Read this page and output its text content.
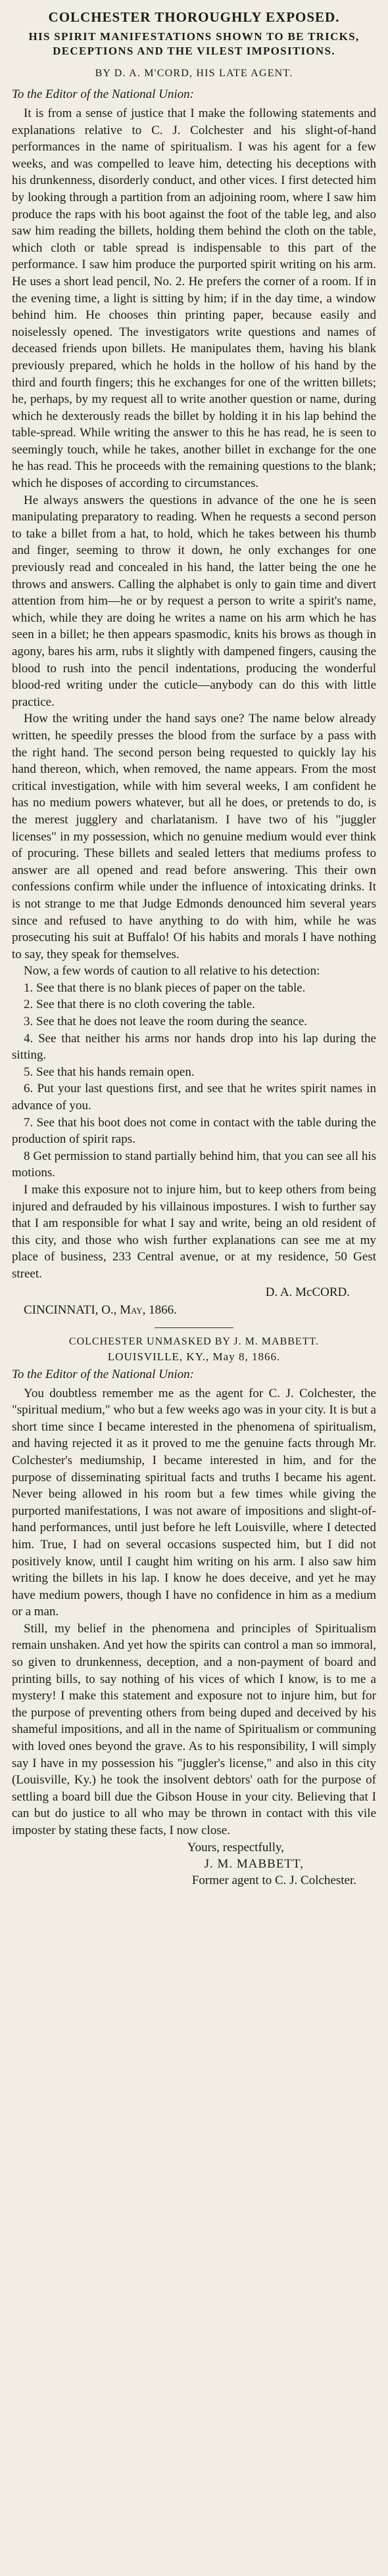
COLCHESTER THOROUGHLY EXPOSED.
HIS SPIRIT MANIFESTATIONS SHOWN TO BE TRICKS, DECEPTIONS AND THE VILEST IMPOSITIONS.
BY D. A. M'CORD, HIS LATE AGENT.
To the Editor of the National Union:

It is from a sense of justice that I make the following statements and explanations relative to C. J. Colchester and his slight-of-hand performances in the name of spiritualism. I was his agent for a few weeks, and was compelled to leave him, detecting his deceptions with his drunkenness, disorderly conduct, and other vices. I first detected him by looking through a partition from an adjoining room, where I saw him produce the raps with his boot against the foot of the table leg, and also saw him reading the billets, holding them behind the cloth on the table, which cloth or table spread is indispensable to this part of the performance. I saw him produce the purported spirit writing on his arm. He uses a short lead pencil, No. 2. He prefers the corner of a room. If in the evening time, a light is sitting by him; if in the day time, a window behind him. He chooses thin printing paper, because easily and noiselessly opened. The investigators write questions and names of deceased friends upon billets. He manipulates them, having his blank previously prepared, which he holds in the hollow of his hand by the third and fourth fingers; this he exchanges for one of the written billets; he, perhaps, by my request all to write another question or name, during which he dexterously reads the billet by holding it in his lap behind the table-spread. While writing the answer to this he has read, he is seen to seemingly touch, while he takes, another billet in exchange for the one he has read. This he proceeds with the remaining questions to the blank; which he disposes of according to circumstances.

He always answers the questions in advance of the one he is seen manipulating preparatory to reading. When he requests a second person to take a billet from a hat, to hold, which he takes between his thumb and finger, seeming to throw it down, he only exchanges for one previously read and concealed in his hand, the latter being the one he throws and answers. Calling the alphabet is only to gain time and divert attention from him—he or by request a person to write a spirit's name, which, while they are doing he writes a name on his arm which he has seen in a billet; he then appears spasmodic, knits his brows as though in agony, bares his arm, rubs it slightly with dampened fingers, causing the blood to rush into the pencil indentations, producing the wonderful blood-red writing under the cuticle—anybody can do this with little practice.

How the writing under the hand says one? The name below already written, he speedily presses the blood from the surface by a pass with the right hand. The second person being requested to quickly lay his hand thereon, which, when removed, the name appears. From the most critical investigation, while with him several weeks, I am confident he has no medium powers whatever, but all he does, or pretends to do, is the merest jugglery and charlatanism. I have two of his "juggler licenses" in my possession, which no genuine medium would ever think of procuring. These billets and sealed letters that mediums profess to answer are all opened and read before answering. This their own confessions confirm while under the influence of intoxicating drinks. It is not strange to me that Judge Edmonds denounced him several years since and refused to have anything to do with him, while he was prosecuting his suit at Buffalo! Of his habits and morals I have nothing to say, they speak for themselves.

Now, a few words of caution to all relative to his detection:

1. See that there is no blank pieces of paper on the table.

2. See that there is no cloth covering the table.

3. See that he does not leave the room during the seance.

4. See that neither his arms nor hands drop into his lap during the sitting.

5. See that his hands remain open.

6. Put your last questions first, and see that he writes spirit names in advance of you.

7. See that his boot does not come in contact with the table during the production of spirit raps.

8 Get permission to stand partially behind him, that you can see all his motions.

I make this exposure not to injure him, but to keep others from being injured and defrauded by his villainous impostures. I wish to further say that I am responsible for what I say and write, being an old resident of this city, and those who wish further explanations can see me at my place of business, 233 Central avenue, or at my residence, 50 Gest street.

D. A. McCORD.
CINCINNATI, O., May, 1866.
COLCHESTER UNMASKED BY J. M. MABBETT.
LOUISVILLE, KY., May 8, 1866.
To the Editor of the National Union:

You doubtless remember me as the agent for C. J. Colchester, the "spiritual medium," who but a few weeks ago was in your city. It is but a short time since I became interested in the phenomena of spiritualism, and having rejected it as it proved to me the genuine facts through Mr. Colchester's mediumship, I became interested in him, and for the purpose of disseminating spiritual facts and truths I became his agent. Never being allowed in his room but a few times while giving the purported manifestations, I was not aware of impositions and slight-of-hand performances, until just before he left Louisville, where I detected him. True, I had on several occasions suspected him, but I did not positively know, until I caught him writing on his arm. I also saw him writing the billets in his lap. I know he does deceive, and yet he may have medium powers, though I have no confidence in him as a medium or a man.

Still, my belief in the phenomena and principles of Spiritualism remain unshaken. And yet how the spirits can control a man so immoral, so given to drunkenness, deception, and a non-payment of board and printing bills, to say nothing of his vices of which I know, is to me a mystery! I make this statement and exposure not to injure him, but for the purpose of preventing others from being duped and deceived by his shameful impositions, and all in the name of Spiritualism or communing with loved ones beyond the grave. As to his responsibility, I will simply say I have in my possession his "juggler's license," and also in this city (Louisville, Ky.) he took the insolvent debtors' oath for the purpose of settling a board bill due the Gibson House in your city. Believing that I can but do justice to all who may be thrown in contact with this vile imposter by stating these facts, I now close.

Yours, respectfully,
J. M. MABBETT,
Former agent to C. J. Colchester.
